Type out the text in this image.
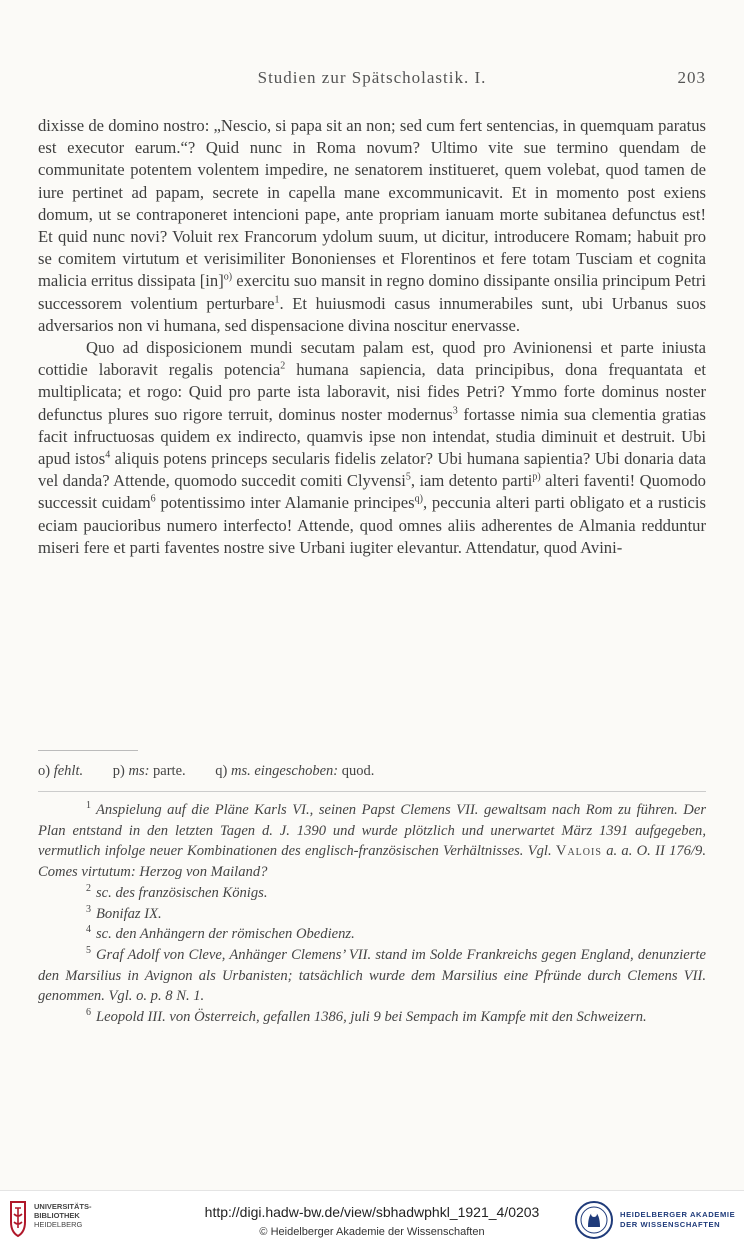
Studien zur Spätscholastik. I.	203

dixisse de domino nostro: „Nescio, si papa sit an non; sed cum fert sentencias, in quemquam paratus est executor earum.“? Quid nunc in Roma novum? Ultimo vite sue termino quendam de communitate potentem volentem impedire, ne senatorem institueret, quem volebat, quod tamen de iure pertinet ad papam, secrete in capella mane excommunicavit. Et in momento post exiens domum, ut se contraponeret intencioni pape, ante propriam ianuam morte subitanea defunctus est! Et quid nunc novi? Voluit rex Francorum ydolum suum, ut dicitur, introducere Romam; habuit pro se comitem virtutum et verisimiliter Bononienses et Florentinos et fere totam Tusciam et cognita malicia erritus dissipata [in]$^{o)}$ exercitu suo mansit in regno domino dissipante onsilia principum Petri successorem volentium perturbare$^1$. Et huiusmodi casus innumerabiles sunt, ubi Urbanus suos adversarios non vi humana, sed dispensacione divina noscitur enervasse.

Quo ad disposicionem mundi secutam palam est, quod pro Avinionensi et parte iniusta cottidie laboravit regalis potencia$^2$ humana sapiencia, data principibus, dona frequantata et multiplicata; et rogo: Quid pro parte ista laboravit, nisi fides Petri? Ymmo forte dominus noster defunctus plures suo rigore terruit, dominus noster modernus$^3$ fortasse nimia sua clementia gratias facit infructuosas quidem ex indirecto, quamvis ipse non intendat, studia diminuit et destruit. Ubi apud istos$^4$ aliquis potens princeps secularis fidelis zelator? Ubi humana sapientia? Ubi donaria data vel danda? Attende, quomodo succedit comiti Clyvensi$^5$, iam detento parti$^{p)}$ alteri faventi! Quomodo successit cuidam$^6$ potentissimo inter Alamanie principes$^{q)}$, peccunia alteri parti obligato et a rusticis eciam paucioribus numero interfecto! Attende, quod omnes aliis adherentes de Almania redduntur miseri fere et parti faventes nostre sive Urbani iugiter elevantur. Attendatur, quod Avini-

o) fehlt. p) ms: parte. q) ms. eingeschoben: quod.

$^1$ Anspielung auf die Pläne Karls VI., seinen Papst Clemens VII. gewaltsam nach Rom zu führen. Der Plan entstand in den letzten Tagen d. J. 1390 und wurde plötzlich und unerwartet März 1391 aufgegeben, vermutlich infolge neuer Kombinationen des englisch-französischen Verhältnisses. Vgl. Valois a. a. O. II 176/9. Comes virtutum: Herzog von Mailand?

$^2$ sc. des französischen Königs.

$^3$ Bonifaz IX.

$^4$ sc. den Anhängern der römischen Obedienz.

$^5$ Graf Adolf von Cleve, Anhänger Clemens’ VII. stand im Solde Frankreichs gegen England, denunzierte den Marsilius in Avignon als Urbanisten; tatsächlich wurde dem Marsilius eine Pfründe durch Clemens VII. genommen. Vgl. o. p. 8 N. 1.

$^6$ Leopold III. von Österreich, gefallen 1386, juli 9 bei Sempach im Kampfe mit den Schweizern.

UNIVERSITÄTS-
BIBLIOTHEK
HEIDELBERG
http://digi.hadw-bw.de/view/sbhadwphkl_1921_4/0203
© Heidelberger Akademie der Wissenschaften
HEIDELBERGER AKADEMIE
DER WISSENSCHAFTEN
